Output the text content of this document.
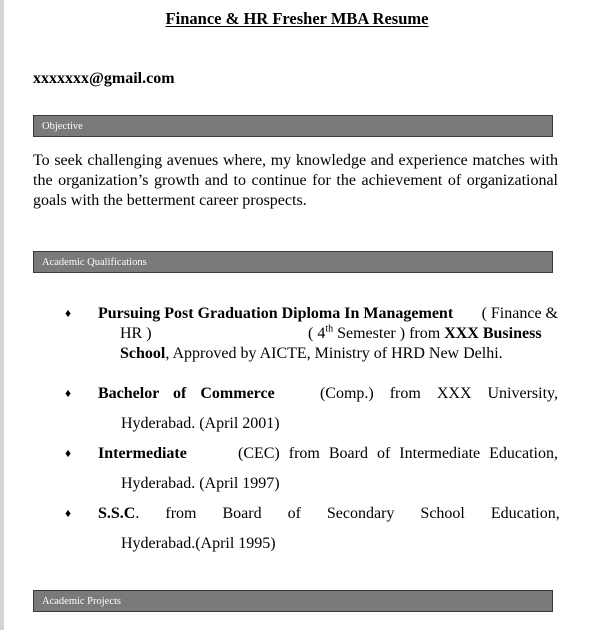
Finance & HR Fresher MBA Resume
xxxxxxx@gmail.com
Objective
To seek challenging avenues where, my knowledge and experience matches with the organization’s growth and to continue for the achievement of organizational goals with the betterment career prospects.
Academic Qualifications
♦ Pursuing Post Graduation Diploma In Management ( Finance &
HR )	( 4th Semester ) from XXX Business
School, Approved by AICTE, Ministry of HRD New Delhi.
♦ Bachelor of Commerce	(Comp.) from XXX University,
Hyderabad. (April 2001)
♦ Intermediate	(CEC) from Board of Intermediate Education,
Hyderabad. (April 1997)
♦ S.S.C . from Board of Secondary School Education,
Hyderabad.(April 1995)
Academic Projects
